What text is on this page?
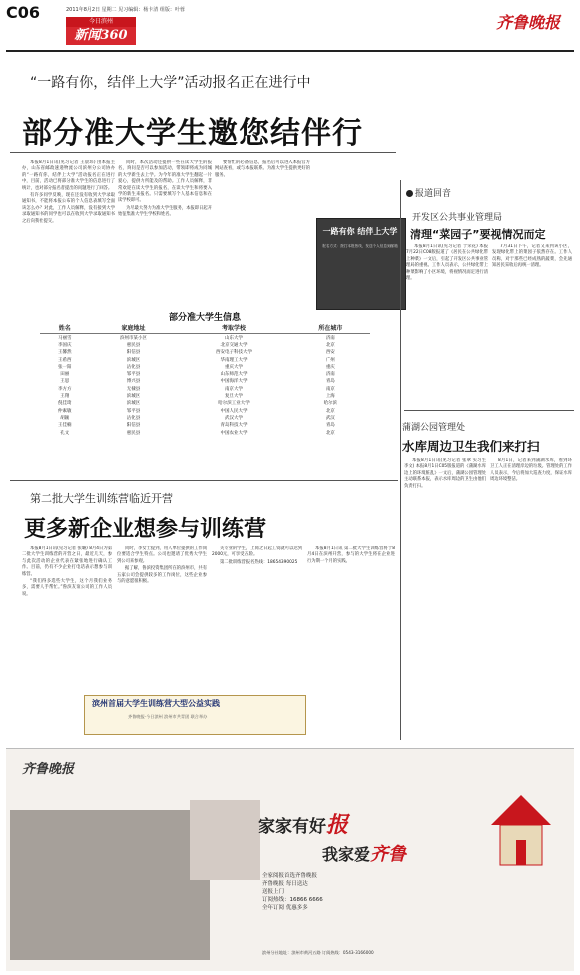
C06	2011年8月2日 星期二 见习编辑：杨卡清 组版：叶蓉
今日滨州
新闻360
齐鲁晚报
“一路有你，结伴上大学”活动报名正在进行中
部分准大学生邀您结伴行

本报8月1日讯(见习记者 王晨玮) 由本报主办，山东省邮政速递物流公司滨州分公司协办的“一路有你，结伴上大学”活动报名正在进行中，目前，活动已将部分准大学生的信息进行了统计，也对部分报名者提出的问题进行了回答。

有许多同学反映，现在还没有收到大学录取通知书，不能将本报公布的个人信息表填写全面该怎么办？对此，工作人员解释，没有接到大学录取通知书的同学也可以在收到大学录取通知书之后向我社提交。

同时，本次活动还提供一些在读大学生的报名，询问是否可以参加活动，带领即将成为同城的大学新生去上学。为今年的准大学生翻起一片爱心，提供力所能及的帮助。工作人员解释，非常欢迎在读大学生的报名，在读大学生和将要入学的新生来报名。只需要填写个人基本信息和在读学校即可。

为尽最大努力为准大学生服务，本报即日起开始征集准大学生学校和姓名。

要帮忙的必备信息，报名后可以进入本报官方网站查看，或与本报联系。为准大学生提供更好的服务。

一路有你 结伴上大学
报名方式：拨打本报热线，发送个人信息到邮箱
部分准大学生信息
姓名	家庭地址	考取学校	所在城市
马丽雪	滨州市某小区	山东大学	济南
李国庆	惠民县	北京交通大学	北京
王馨然	阳信县	西安电子科技大学	西安
王希西	滨城区	华南理工大学	广州
张一阳	沾化县	重庆大学	重庆
田丽	邹平县	山东师范大学	济南
王思	博兴县	中国海洋大学	青岛
李方方	无棣县	南京大学	南京
王翔	滨城区	复旦大学	上海
倪佳琦	滨城区	哈尔滨工业大学	哈尔滨
仲素敏	邹平县	中国人民大学	北京
胡颖	沾化县	武汉大学	武汉
王佳楠	阳信县	青岛科技大学	青岛
孔文	惠民县	中国农业大学	北京
第二批大学生训练营临近开营
更多新企业想参与训练营

本报8月1日讯(见习记者 张璐) 8月4日为第二批大学生训练营的开营之日，最近几天，参与此次活动的企业代表在紧张地进行确认工作。目前，仍有不少企业打电话表示想参与训练营。

“我们得多选些大学生，这个月我们业务多，需要人手帮忙。”鲁滨友谊公司的工作人员说。

同时，李女士提到，用人单位提供的工作岗位要适合学生特点。公司也邀请了优秀大学生到公司来参观。

据了解，鲁滨投资集团所在的滨州市，共有五家公司会提供较多的工作岗位，这些企业参与的意愿很积极。

关专业的学生，上岗之日起工资就可以达到2000元，可享受五险。

第二批训练营报名热线：18654390025

本报8月1日讯 第二批大学生训练营将于8月4日在滨州开营，参与的大学生将在企业进行为期一个月的实践。

滨州首届大学生训练营大型公益实践
齐鲁晚报·今日滨州 滨州市共青团 联合举办
报道回音
开发区公共事业管理局
清理“菜园子”要视情况而定

本报8月1日讯(见习记者 于荣花) 本报7月22日C08版报道了《居民在公共绿化带上种菜》一文后，引起了开发区公共事业管理局的重视。工作人员表示，公共绿化带上种菜影响了小区环境，将视情况而定进行清理。

7月31日下午，记者又来到该小区，发现绿化带上的菜园子依然存在。工作人员称，对于那些已经成熟的蔬菜，会先通知居民采收后再统一清理。

蒲湖公园管理处
水库周边卫生我们来打扫

本报8月1日讯(见习记者 张翠 实习生 李文) 本报8月1日C05版报道的《蒲湖水库边上的环境脏乱》一文后，蒲湖公园管理处主动联系本报，表示水库周边的卫生由他们负责打扫。

8月1日，记者来到蒲湖水库，看到环卫工人正在清理岸边的垃圾。管理处的工作人员表示，今后将加大巡查力度，保证水库周边环境整洁。

齐鲁晚报
家家有好报
我家爱齐鲁
全家阅报首选齐鲁晚报
齐鲁晚报 每日送达
送报上门
订阅热线：16866 6666
全年订阅 优惠多多
滨州分社地址：滨州市黄河五路 订阅热线：0543-3166000
